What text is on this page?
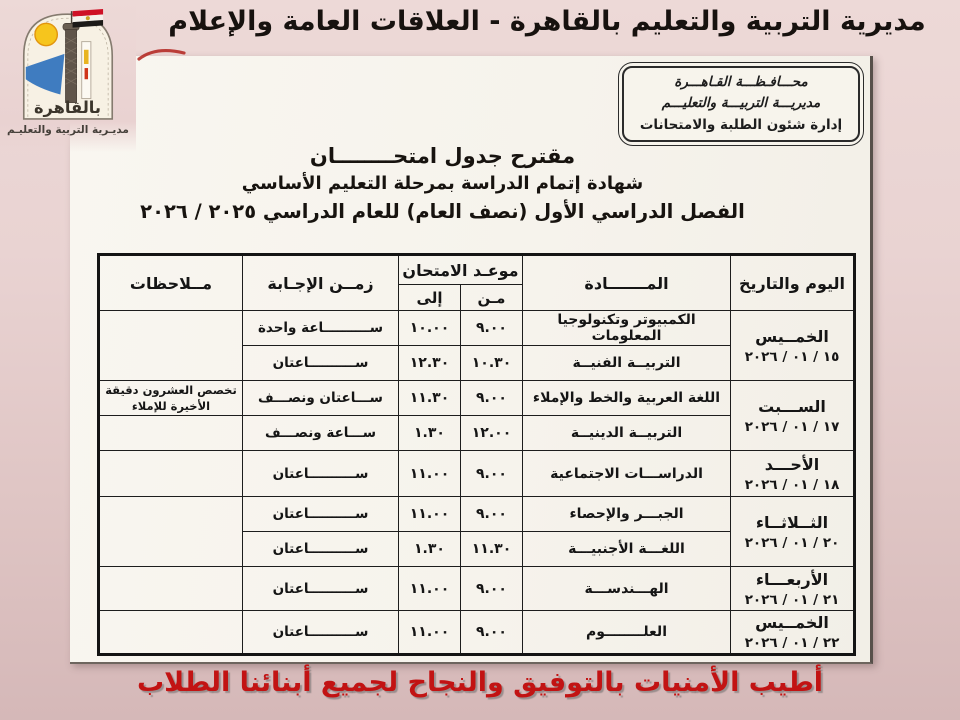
مديرية التربية والتعليم بالقاهرة - العلاقات العامة والإعلام
بالقاهرة
مديـرية التربية والتعليـم
محـــافـظـــة القـاهـــرة
مديريـــة التربيـــة والتعليـــم
إدارة شئون الطلبة والامتحانات
مقترح جدول امتحــــــــان
شهادة إتمام الدراسة بمرحلة التعليم الأساسي
الفصل الدراسي الأول (نصف العام) للعام الدراسي ٢٠٢٥ / ٢٠٢٦
اليوم والتاريخ	المـــــــادة	موعـد الامتحان		زمــن الإجـابة	مــلاحظات
		مـن	إلى		

الخمــيس
١٥ / ٠١ / ٢٠٢٦	الكمبيوتر وتكنولوجيا المعلومات	٩.٠٠	١٠.٠٠	ســــــــــاعة واحدة	
	التربيــة الفنيــة	١٠.٣٠	١٢.٣٠	ســــــــــاعتان	

الســـبت
١٧ / ٠١ / ٢٠٢٦	اللغة العربية والخط والإملاء	٩.٠٠	١١.٣٠	ســـاعتان ونصـــف	تخصص العشرون دقيقة الأخيرة للإملاء
	التربيــة الدينيــة	١٢.٠٠	١.٣٠	ســـاعة ونصـــف	

الأحـــد
١٨ / ٠١ / ٢٠٢٦	الدراســـات الاجتماعية	٩.٠٠	١١.٠٠	ســــــــــاعتان	

الثــلاثــاء
٢٠ / ٠١ / ٢٠٢٦	الجبـــر والإحصاء	٩.٠٠	١١.٠٠	ســــــــــاعتان	
	اللغـــة الأجنبيـــة	١١.٣٠	١.٣٠	ســــــــــاعتان	

الأربعـــاء
٢١ / ٠١ / ٢٠٢٦	الهـــندســـة	٩.٠٠	١١.٠٠	ســــــــــاعتان	

الخمــيس
٢٢ / ٠١ / ٢٠٢٦	العلــــــــوم	٩.٠٠	١١.٠٠	ســــــــــاعتان	
أطيب الأمنيات بالتوفيق والنجاح لجميع أبنائنا الطلاب
